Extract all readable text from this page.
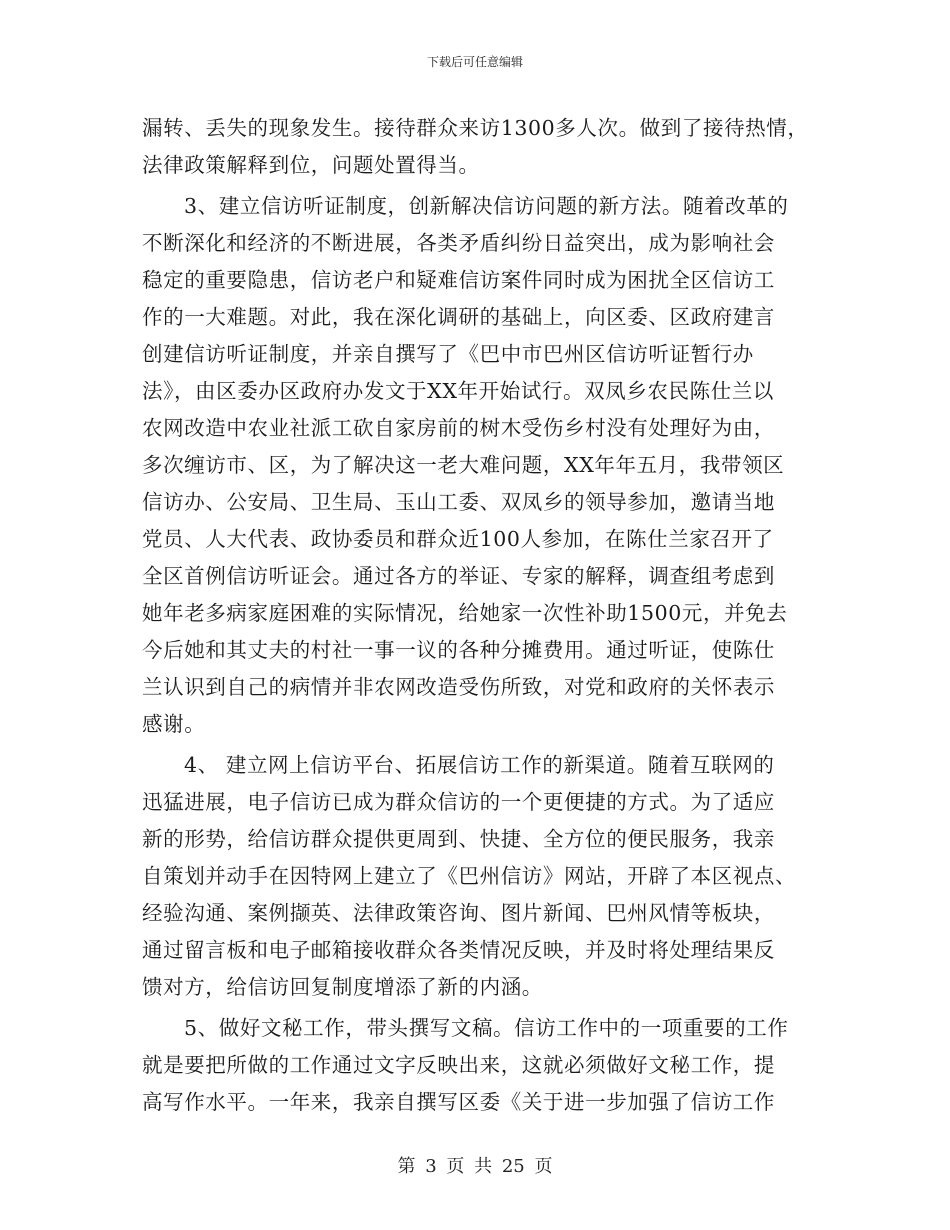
下载后可任意编辑
漏转、丢失的现象发生。接待群众来访1300多人次。做到了接待热情，
法律政策解释到位，问题处置得当。
3、建立信访听证制度，创新解决信访问题的新方法。随着改革的
不断深化和经济的不断进展，各类矛盾纠纷日益突出，成为影响社会
稳定的重要隐患，信访老户和疑难信访案件同时成为困扰全区信访工
作的一大难题。对此，我在深化调研的基础上，向区委、区政府建言
创建信访听证制度，并亲自撰写了《巴中市巴州区信访听证暂行办
法》，由区委办区政府办发文于XX年开始试行。双凤乡农民陈仕兰以
农网改造中农业社派工砍自家房前的树木受伤乡村没有处理好为由，
多次缠访市、区，为了解决这一老大难问题，XX年年五月，我带领区
信访办、公安局、卫生局、玉山工委、双凤乡的领导参加，邀请当地
党员、人大代表、政协委员和群众近100人参加，在陈仕兰家召开了
全区首例信访听证会。通过各方的举证、专家的解释，调查组考虑到
她年老多病家庭困难的实际情况，给她家一次性补助1500元，并免去
今后她和其丈夫的村社一事一议的各种分摊费用。通过听证，使陈仕
兰认识到自己的病情并非农网改造受伤所致，对党和政府的关怀表示
感谢。
4、 建立网上信访平台、拓展信访工作的新渠道。随着互联网的
迅猛进展，电子信访已成为群众信访的一个更便捷的方式。为了适应
新的形势，给信访群众提供更周到、快捷、全方位的便民服务，我亲
自策划并动手在因特网上建立了《巴州信访》网站，开辟了本区视点、
经验沟通、案例撷英、法律政策咨询、图片新闻、巴州风情等板块，
通过留言板和电子邮箱接收群众各类情况反映，并及时将处理结果反
馈对方，给信访回复制度增添了新的内涵。
5、做好文秘工作，带头撰写文稿。信访工作中的一项重要的工作
就是要把所做的工作通过文字反映出来，这就必须做好文秘工作，提
高写作水平。一年来，我亲自撰写区委《关于进一步加强了信访工作
第 3 页 共 25 页
